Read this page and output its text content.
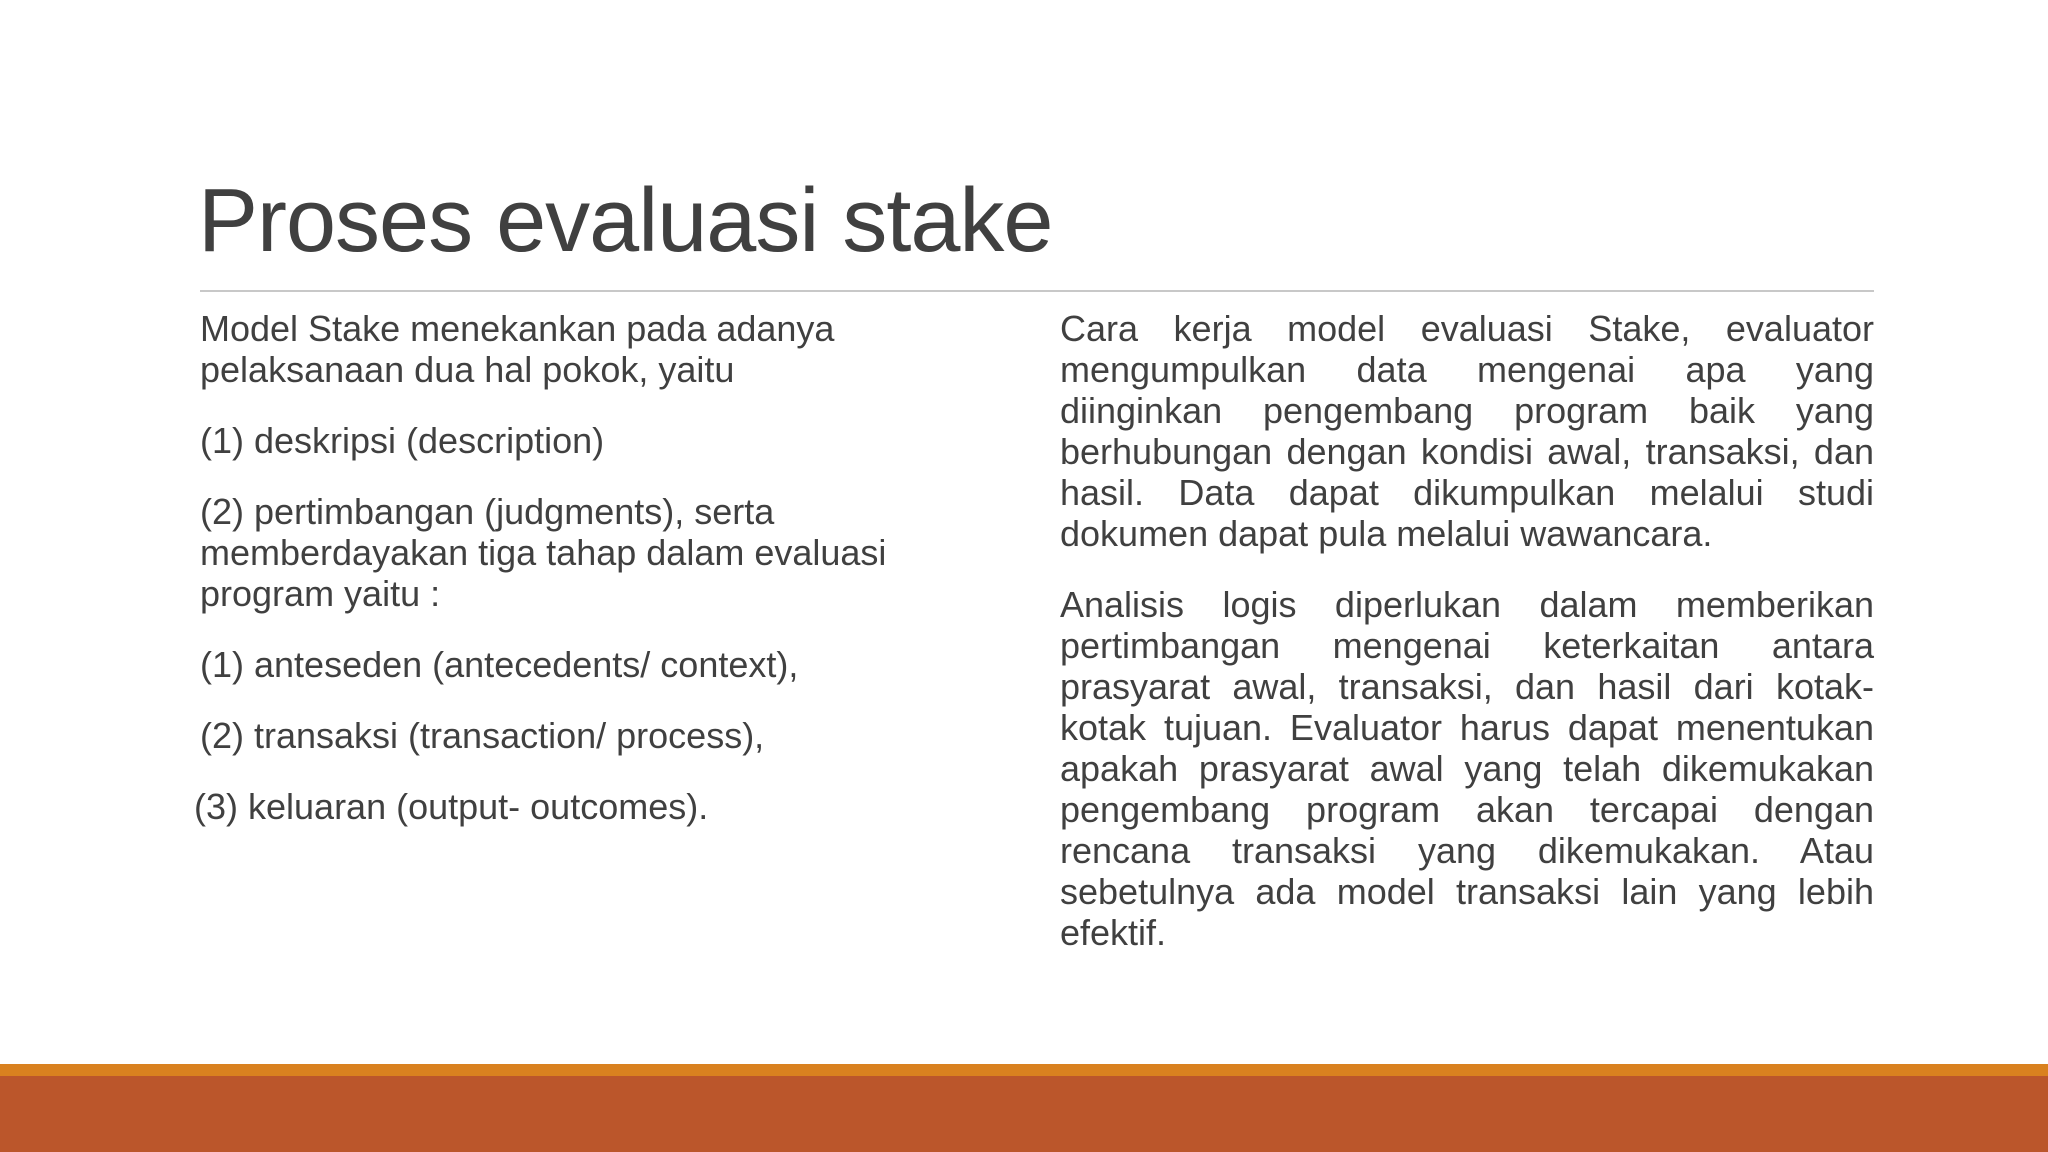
Proses evaluasi stake

Model Stake menekankan pada adanya pelaksanaan dua hal pokok, yaitu

(1) deskripsi (description)

(2) pertimbangan (judgments), serta memberdayakan tiga tahap dalam evaluasi program yaitu :

(1) anteseden (antecedents/ context),

(2) transaksi (transaction/ process),

(3) keluaran (output- outcomes).

Cara kerja model evaluasi Stake, evaluator mengumpulkan data mengenai apa yang diinginkan pengembang program baik yang berhubungan dengan kondisi awal, transaksi, dan hasil. Data dapat dikumpulkan melalui studi dokumen dapat pula melalui wawancara.

Analisis logis diperlukan dalam memberikan pertimbangan mengenai keterkaitan antara prasyarat awal, transaksi, dan hasil dari kotak-kotak tujuan. Evaluator harus dapat menentukan apakah prasyarat awal yang telah dikemukakan pengembang program akan tercapai dengan rencana transaksi yang dikemukakan. Atau sebetulnya ada model transaksi lain yang lebih efektif.
